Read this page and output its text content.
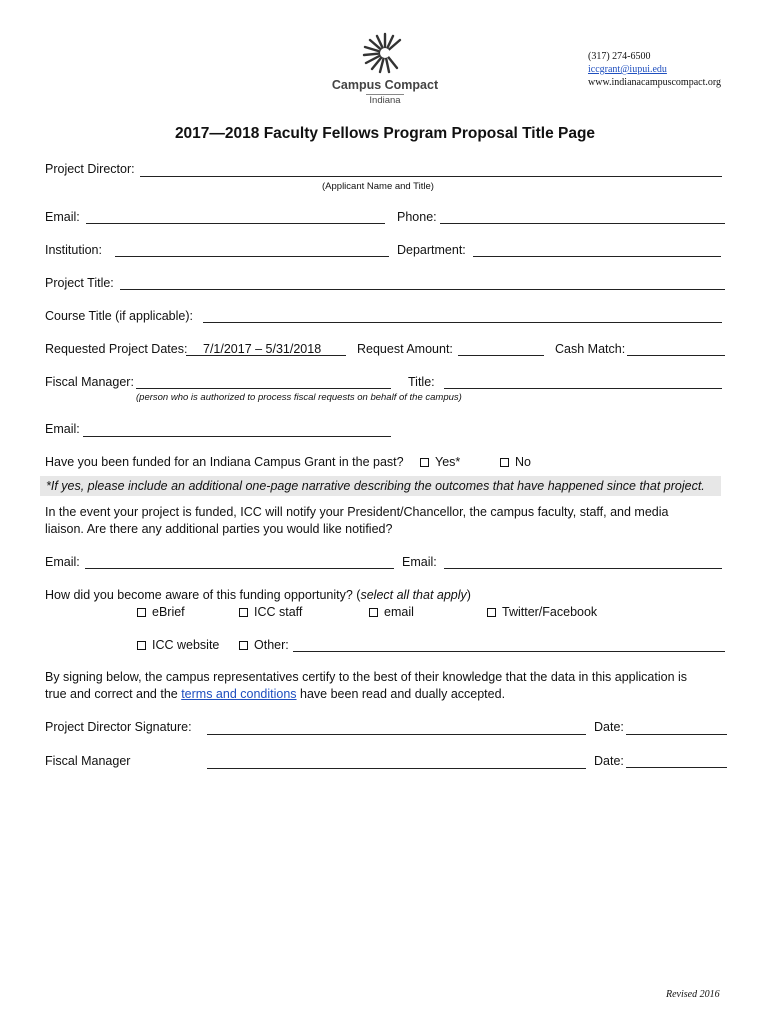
Campus Compact
Indiana
(317) 274-6500
iccgrant@iupui.edu
www.indianacampuscompact.org
2017—2018 Faculty Fellows Program Proposal Title Page
Project Director:
(Applicant Name and Title)
Email:	Phone:
Institution:	Department:
Project Title:
Course Title (if applicable):
Requested Project Dates: 7/1/2017 – 5/31/2018	Request Amount:	Cash Match:
Fiscal Manager:	Title:
(person who is authorized to process fiscal requests on behalf of the campus)
Email:
Have you been funded for an Indiana Campus Grant in the past?	Yes*	No
*If yes, please include an additional one-page narrative describing the outcomes that have happened since that project.
In the event your project is funded, ICC will notify your President/Chancellor, the campus faculty, staff, and media liaison. Are there any additional parties you would like notified?
Email:	Email:
How did you become aware of this funding opportunity? (select all that apply)
eBrief	ICC staff	email	Twitter/Facebook
ICC website	Other:
By signing below, the campus representatives certify to the best of their knowledge that the data in this application is
true and correct and the terms and conditions have been read and dually accepted.
Project Director Signature:	Date:
Fiscal Manager	Date:
Revised 2016
